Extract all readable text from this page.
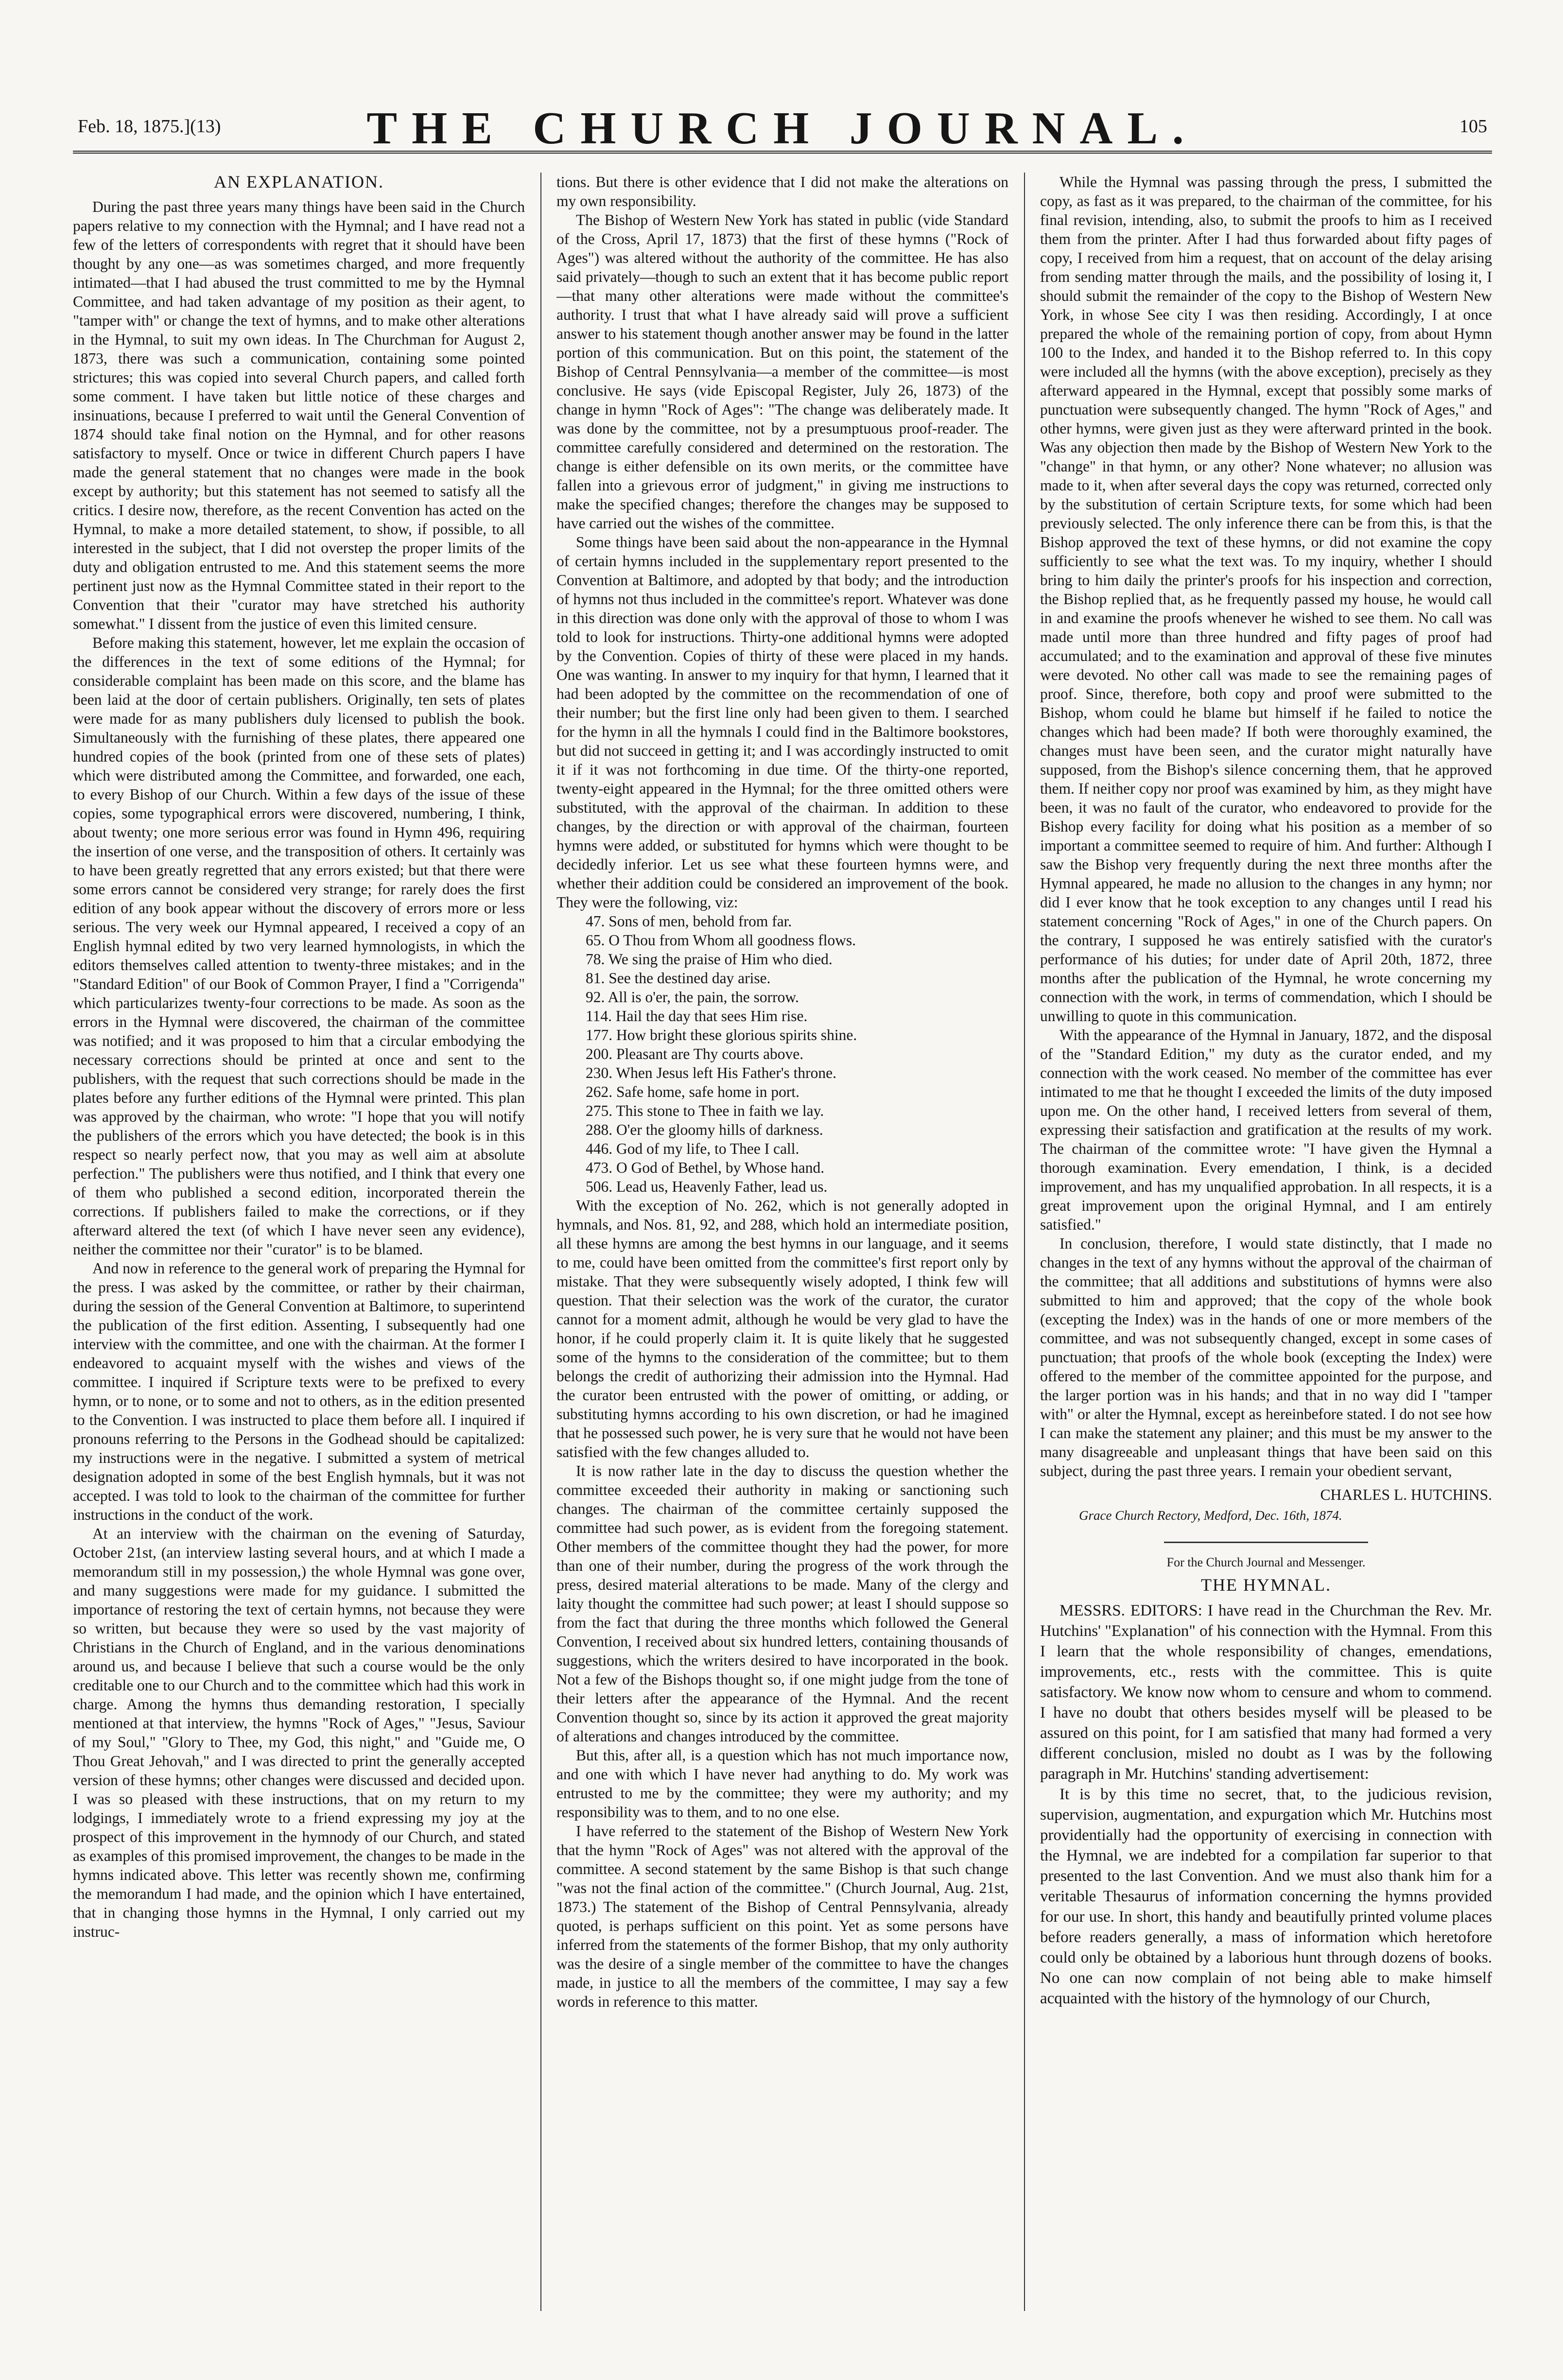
Feb. 18, 1875.](13)	THE CHURCH JOURNAL.	105
AN EXPLANATION.

During the past three years many things have been said in the Church papers relative to my connection with the Hymnal; and I have read not a few of the letters of correspondents with regret that it should have been thought by any one—as was sometimes charged, and more frequently intimated—that I had abused the trust committed to me by the Hymnal Committee, and had taken advantage of my position as their agent, to "tamper with" or change the text of hymns, and to make other alterations in the Hymnal, to suit my own ideas. In The Churchman for August 2, 1873, there was such a communication, containing some pointed strictures; this was copied into several Church papers, and called forth some comment. I have taken but little notice of these charges and insinuations, because I preferred to wait until the General Convention of 1874 should take final notion on the Hymnal, and for other reasons satisfactory to myself. Once or twice in different Church papers I have made the general statement that no changes were made in the book except by authority; but this statement has not seemed to satisfy all the critics. I desire now, therefore, as the recent Convention has acted on the Hymnal, to make a more detailed statement, to show, if possible, to all interested in the subject, that I did not overstep the proper limits of the duty and obligation entrusted to me. And this statement seems the more pertinent just now as the Hymnal Committee stated in their report to the Convention that their "curator may have stretched his authority somewhat." I dissent from the justice of even this limited censure.

Before making this statement, however, let me explain the occasion of the differences in the text of some editions of the Hymnal; for considerable complaint has been made on this score, and the blame has been laid at the door of certain publishers. Originally, ten sets of plates were made for as many publishers duly licensed to publish the book. Simultaneously with the furnishing of these plates, there appeared one hundred copies of the book (printed from one of these sets of plates) which were distributed among the Committee, and forwarded, one each, to every Bishop of our Church. Within a few days of the issue of these copies, some typographical errors were discovered, numbering, I think, about twenty; one more serious error was found in Hymn 496, requiring the insertion of one verse, and the transposition of others. It certainly was to have been greatly regretted that any errors existed; but that there were some errors cannot be considered very strange; for rarely does the first edition of any book appear without the discovery of errors more or less serious. The very week our Hymnal appeared, I received a copy of an English hymnal edited by two very learned hymnologists, in which the editors themselves called attention to twenty-three mistakes; and in the "Standard Edition" of our Book of Common Prayer, I find a "Corrigenda" which particularizes twenty-four corrections to be made. As soon as the errors in the Hymnal were discovered, the chairman of the committee was notified; and it was proposed to him that a circular embodying the necessary corrections should be printed at once and sent to the publishers, with the request that such corrections should be made in the plates before any further editions of the Hymnal were printed. This plan was approved by the chairman, who wrote: "I hope that you will notify the publishers of the errors which you have detected; the book is in this respect so nearly perfect now, that you may as well aim at absolute perfection." The publishers were thus notified, and I think that every one of them who published a second edition, incorporated therein the corrections. If publishers failed to make the corrections, or if they afterward altered the text (of which I have never seen any evidence), neither the committee nor their "curator" is to be blamed.

And now in reference to the general work of preparing the Hymnal for the press. I was asked by the committee, or rather by their chairman, during the session of the General Convention at Baltimore, to superintend the publication of the first edition. Assenting, I subsequently had one interview with the committee, and one with the chairman. At the former I endeavored to acquaint myself with the wishes and views of the committee. I inquired if Scripture texts were to be prefixed to every hymn, or to none, or to some and not to others, as in the edition presented to the Convention. I was instructed to place them before all. I inquired if pronouns referring to the Persons in the Godhead should be capitalized: my instructions were in the negative. I submitted a system of metrical designation adopted in some of the best English hymnals, but it was not accepted. I was told to look to the chairman of the committee for further instructions in the conduct of the work.

At an interview with the chairman on the evening of Saturday, October 21st, (an interview lasting several hours, and at which I made a memorandum still in my possession,) the whole Hymnal was gone over, and many suggestions were made for my guidance. I submitted the importance of restoring the text of certain hymns, not because they were so written, but because they were so used by the vast majority of Christians in the Church of England, and in the various denominations around us, and because I believe that such a course would be the only creditable one to our Church and to the committee which had this work in charge. Among the hymns thus demanding restoration, I specially mentioned at that interview, the hymns "Rock of Ages," "Jesus, Saviour of my Soul," "Glory to Thee, my God, this night," and "Guide me, O Thou Great Jehovah," and I was directed to print the generally accepted version of these hymns; other changes were discussed and decided upon. I was so pleased with these instructions, that on my return to my lodgings, I immediately wrote to a friend expressing my joy at the prospect of this improvement in the hymnody of our Church, and stated as examples of this promised improvement, the changes to be made in the hymns indicated above. This letter was recently shown me, confirming the memorandum I had made, and the opinion which I have entertained, that in changing those hymns in the Hymnal, I only carried out my instruc-

tions. But there is other evidence that I did not make the alterations on my own responsibility.

The Bishop of Western New York has stated in public (vide Standard of the Cross, April 17, 1873) that the first of these hymns ("Rock of Ages") was altered without the authority of the committee. He has also said privately—though to such an extent that it has become public report—that many other alterations were made without the committee's authority. I trust that what I have already said will prove a sufficient answer to his statement though another answer may be found in the latter portion of this communication. But on this point, the statement of the Bishop of Central Pennsylvania—a member of the committee—is most conclusive. He says (vide Episcopal Register, July 26, 1873) of the change in hymn "Rock of Ages": "The change was deliberately made. It was done by the committee, not by a presumptuous proof-reader. The committee carefully considered and determined on the restoration. The change is either defensible on its own merits, or the committee have fallen into a grievous error of judgment," in giving me instructions to make the specified changes; therefore the changes may be supposed to have carried out the wishes of the committee.

Some things have been said about the non-appearance in the Hymnal of certain hymns included in the supplementary report presented to the Convention at Baltimore, and adopted by that body; and the introduction of hymns not thus included in the committee's report. Whatever was done in this direction was done only with the approval of those to whom I was told to look for instructions. Thirty-one additional hymns were adopted by the Convention. Copies of thirty of these were placed in my hands. One was wanting. In answer to my inquiry for that hymn, I learned that it had been adopted by the committee on the recommendation of one of their number; but the first line only had been given to them. I searched for the hymn in all the hymnals I could find in the Baltimore bookstores, but did not succeed in getting it; and I was accordingly instructed to omit it if it was not forthcoming in due time. Of the thirty-one reported, twenty-eight appeared in the Hymnal; for the three omitted others were substituted, with the approval of the chairman. In addition to these changes, by the direction or with approval of the chairman, fourteen hymns were added, or substituted for hymns which were thought to be decidedly inferior. Let us see what these fourteen hymns were, and whether their addition could be considered an improvement of the book. They were the following, viz:

47. Sons of men, behold from far.
65. O Thou from Whom all goodness flows.
78. We sing the praise of Him who died.
81. See the destined day arise.
92. All is o'er, the pain, the sorrow.
114. Hail the day that sees Him rise.
177. How bright these glorious spirits shine.
200. Pleasant are Thy courts above.
230. When Jesus left His Father's throne.
262. Safe home, safe home in port.
275. This stone to Thee in faith we lay.
288. O'er the gloomy hills of darkness.
446. God of my life, to Thee I call.
473. O God of Bethel, by Whose hand.
506. Lead us, Heavenly Father, lead us.

With the exception of No. 262, which is not generally adopted in hymnals, and Nos. 81, 92, and 288, which hold an intermediate position, all these hymns are among the best hymns in our language, and it seems to me, could have been omitted from the committee's first report only by mistake. That they were subsequently wisely adopted, I think few will question. That their selection was the work of the curator, the curator cannot for a moment admit, although he would be very glad to have the honor, if he could properly claim it. It is quite likely that he suggested some of the hymns to the consideration of the committee; but to them belongs the credit of authorizing their admission into the Hymnal. Had the curator been entrusted with the power of omitting, or adding, or substituting hymns according to his own discretion, or had he imagined that he possessed such power, he is very sure that he would not have been satisfied with the few changes alluded to.

It is now rather late in the day to discuss the question whether the committee exceeded their authority in making or sanctioning such changes. The chairman of the committee certainly supposed the committee had such power, as is evident from the foregoing statement. Other members of the committee thought they had the power, for more than one of their number, during the progress of the work through the press, desired material alterations to be made. Many of the clergy and laity thought the committee had such power; at least I should suppose so from the fact that during the three months which followed the General Convention, I received about six hundred letters, containing thousands of suggestions, which the writers desired to have incorporated in the book. Not a few of the Bishops thought so, if one might judge from the tone of their letters after the appearance of the Hymnal. And the recent Convention thought so, since by its action it approved the great majority of alterations and changes introduced by the committee.

But this, after all, is a question which has not much importance now, and one with which I have never had anything to do. My work was entrusted to me by the committee; they were my authority; and my responsibility was to them, and to no one else.

I have referred to the statement of the Bishop of Western New York that the hymn "Rock of Ages" was not altered with the approval of the committee. A second statement by the same Bishop is that such change "was not the final action of the committee." (Church Journal, Aug. 21st, 1873.) The statement of the Bishop of Central Pennsylvania, already quoted, is perhaps sufficient on this point. Yet as some persons have inferred from the statements of the former Bishop, that my only authority was the desire of a single member of the committee to have the changes made, in justice to all the members of the committee, I may say a few words in reference to this matter.

While the Hymnal was passing through the press, I submitted the copy, as fast as it was prepared, to the chairman of the committee, for his final revision, intending, also, to submit the proofs to him as I received them from the printer. After I had thus forwarded about fifty pages of copy, I received from him a request, that on account of the delay arising from sending matter through the mails, and the possibility of losing it, I should submit the remainder of the copy to the Bishop of Western New York, in whose See city I was then residing. Accordingly, I at once prepared the whole of the remaining portion of copy, from about Hymn 100 to the Index, and handed it to the Bishop referred to. In this copy were included all the hymns (with the above exception), precisely as they afterward appeared in the Hymnal, except that possibly some marks of punctuation were subsequently changed. The hymn "Rock of Ages," and other hymns, were given just as they were afterward printed in the book. Was any objection then made by the Bishop of Western New York to the "change" in that hymn, or any other? None whatever; no allusion was made to it, when after several days the copy was returned, corrected only by the substitution of certain Scripture texts, for some which had been previously selected. The only inference there can be from this, is that the Bishop approved the text of these hymns, or did not examine the copy sufficiently to see what the text was. To my inquiry, whether I should bring to him daily the printer's proofs for his inspection and correction, the Bishop replied that, as he frequently passed my house, he would call in and examine the proofs whenever he wished to see them. No call was made until more than three hundred and fifty pages of proof had accumulated; and to the examination and approval of these five minutes were devoted. No other call was made to see the remaining pages of proof. Since, therefore, both copy and proof were submitted to the Bishop, whom could he blame but himself if he failed to notice the changes which had been made? If both were thoroughly examined, the changes must have been seen, and the curator might naturally have supposed, from the Bishop's silence concerning them, that he approved them. If neither copy nor proof was examined by him, as they might have been, it was no fault of the curator, who endeavored to provide for the Bishop every facility for doing what his position as a member of so important a committee seemed to require of him. And further: Although I saw the Bishop very frequently during the next three months after the Hymnal appeared, he made no allusion to the changes in any hymn; nor did I ever know that he took exception to any changes until I read his statement concerning "Rock of Ages," in one of the Church papers. On the contrary, I supposed he was entirely satisfied with the curator's performance of his duties; for under date of April 20th, 1872, three months after the publication of the Hymnal, he wrote concerning my connection with the work, in terms of commendation, which I should be unwilling to quote in this communication.

With the appearance of the Hymnal in January, 1872, and the disposal of the "Standard Edition," my duty as the curator ended, and my connection with the work ceased. No member of the committee has ever intimated to me that he thought I exceeded the limits of the duty imposed upon me. On the other hand, I received letters from several of them, expressing their satisfaction and gratification at the results of my work. The chairman of the committee wrote: "I have given the Hymnal a thorough examination. Every emendation, I think, is a decided improvement, and has my unqualified approbation. In all respects, it is a great improvement upon the original Hymnal, and I am entirely satisfied."

In conclusion, therefore, I would state distinctly, that I made no changes in the text of any hymns without the approval of the chairman of the committee; that all additions and substitutions of hymns were also submitted to him and approved; that the copy of the whole book (excepting the Index) was in the hands of one or more members of the committee, and was not subsequently changed, except in some cases of punctuation; that proofs of the whole book (excepting the Index) were offered to the member of the committee appointed for the purpose, and the larger portion was in his hands; and that in no way did I "tamper with" or alter the Hymnal, except as hereinbefore stated. I do not see how I can make the statement any plainer; and this must be my answer to the many disagreeable and unpleasant things that have been said on this subject, during the past three years. I remain your obedient servant,

CHARLES L. HUTCHINS.
Grace Church Rectory, Medford, Dec. 16th, 1874.
For the Church Journal and Messenger.
THE HYMNAL.

MESSRS. EDITORS: I have read in the Churchman the Rev. Mr. Hutchins' "Explanation" of his connection with the Hymnal. From this I learn that the whole responsibility of changes, emendations, improvements, etc., rests with the committee. This is quite satisfactory. We know now whom to censure and whom to commend. I have no doubt that others besides myself will be pleased to be assured on this point, for I am satisfied that many had formed a very different conclusion, misled no doubt as I was by the following paragraph in Mr. Hutchins' standing advertisement:

It is by this time no secret, that, to the judicious revision, supervision, augmentation, and expurgation which Mr. Hutchins most providentially had the opportunity of exercising in connection with the Hymnal, we are indebted for a compilation far superior to that presented to the last Convention. And we must also thank him for a veritable Thesaurus of information concerning the hymns provided for our use. In short, this handy and beautifully printed volume places before readers generally, a mass of information which heretofore could only be obtained by a laborious hunt through dozens of books. No one can now complain of not being able to make himself acquainted with the history of the hymnology of our Church,
